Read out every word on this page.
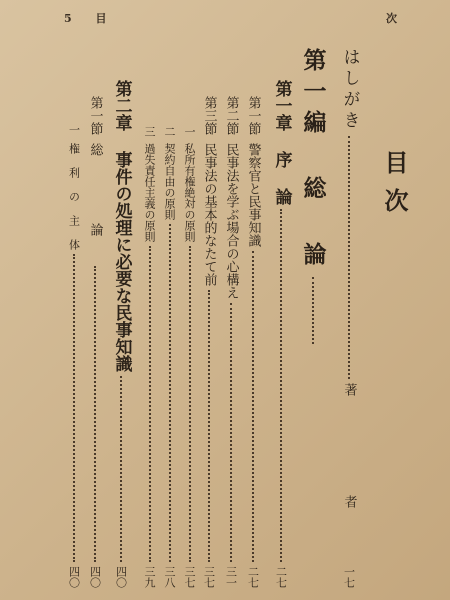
5 目	次
目次
はしがき
著 者
一七
第一編 総 論
第一章 序 論
二七
第一節
警察官と民事知識
二七
第二節
民事法を学ぶ場合の心構え
三一
第三節
民事法の基本的なたて前
三七
一
私所有権絶対の原則
三七
二
契約自由の原則
三八
三
過失責任主義の原則
三九
第二章 事件の処理に必要な民事知識
四〇
第一節
総 論
四〇
一
権 利 の 主 体
四〇
